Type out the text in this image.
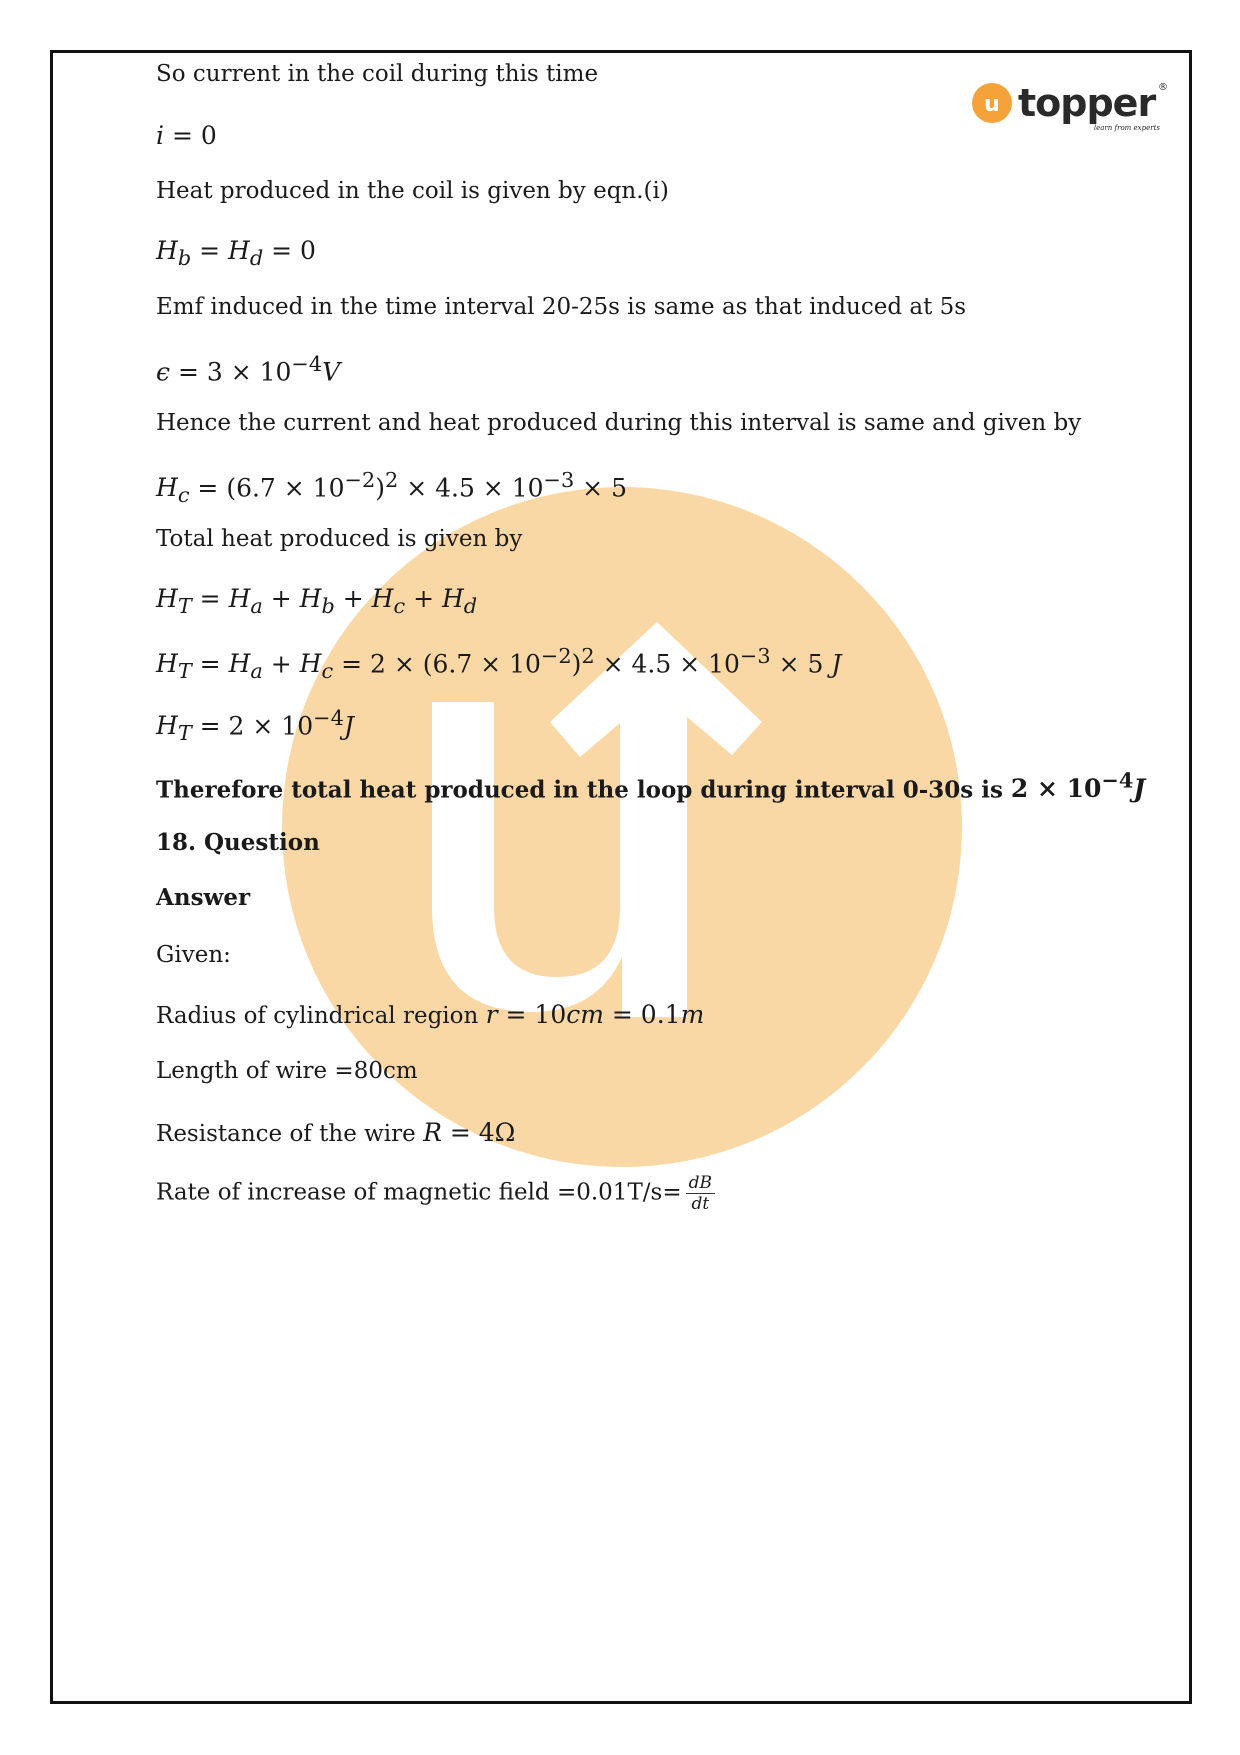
u topper ®
learn from experts
So current in the coil during this time
i = 0
Heat produced in the coil is given by eqn.(i)
$H_b = H_d = 0$
Emf induced in the time interval 20-25s is same as that induced at 5s
$\epsilon = 3 \times 10^{-4}V$
Hence the current and heat produced during this interval is same and given by
$H_c = (6.7 \times 10^{-2})^2 \times 4.5 \times 10^{-3} \times 5$
Total heat produced is given by
$H_T = H_a + H_b + H_c + H_d$
$H_T = H_a + H_c = 2 \times (6.7 \times 10^{-2})^2 \times 4.5 \times 10^{-3} \times 5$ J
$H_T = 2 \times 10^{-4}J$
Therefore total heat produced in the loop during interval 0-30s is $2 \times 10^{-4}J$
18. Question
Answer
Given:
Radius of cylindrical region r = 10cm = 0.1m
Length of wire =80cm
Resistance of the wire R = 4Ω
Rate of increase of magnetic field $=0.01T/s= \frac{dB}{dt}$
